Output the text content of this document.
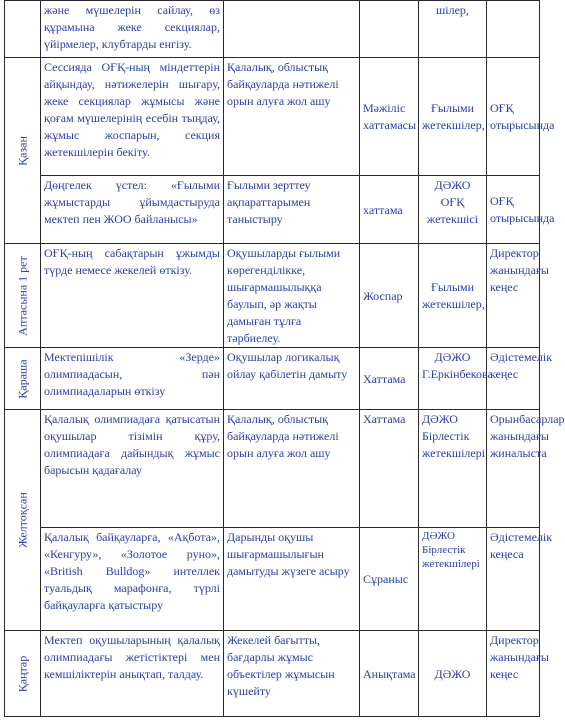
	және мүшелерін сайлау, өз құрамына жеке секциялар, үйірмелер, клубтарды енгізу.			шілер,	

Қазан	Сессияда ОҒҚ-ның міндеттерін айқындау, нәтижелерін шығару, жеке секциялар жұмысы және қоғам мүшелерінің есебін тыңдау, жұмыс жоспарын, секция жетекшілерін бекіту.	Қалалық, облыстық байқауларда нәтижелі орын алуға жол ашу	Мәжіліс хаттамасы	Ғылыми жетекшілер,	ОҒҚ отырысында
	Дөңгелек үстел: «Ғылыми жұмыстарды ұйымдастыруда мектеп пен ЖОО байланысы»	Ғылыми зерттеу ақпараттарымен таныстыру	хаттама	ДӘЖО ОҒҚ жетекшісі	ОҒҚ отырысында

Аптасына 1 рет	ОҒҚ-ның сабақтарын ұжымды түрде немесе жекелей өткізу.	Оқушыларды ғылыми көрегенділікке, шығармашылыққа баулып, әр жақты дамыған тұлға тәрбиелеу.	Жоспар	Ғылыми жетекшілер,	Директор жанындағы кеңес

Қараша	Мектепішілік «Зерде» олимпиадасын, пән олимпиадаларын өткізу	Оқушылар логикалық ойлау қабілетін дамыту	Хаттама	ДӘЖО Г.Еркінбекова	Әдістемелік кеңес

Желтоқсан	Қалалық олимпиадаға қатысатын оқушылар тізімін құру, олимпиадаға дайындық жұмыс барысын қадағалау	Қалалық, облыстық байқауларда нәтижелі орын алуға жол ашу	Хаттама	ДӘЖО Бірлестік жетекшілері	Орынбасарлар жанындағы жиналыста
	Қалалық байқауларға, «Ақбота», «Кенгуру», «Золотое руно», «British Bulldog» интеллек туальдық марафонға, түрлі байқауларға қатыстыру	Дарынды оқушы шығармашылығын дамытуды жүзеге асыру	Сұраныс	ДӘЖО Бірлестік жетекшілері	Әдістемелік кеңеса

Қаңтар	Мектеп оқушыларының қалалық олимпиадағы жетістіктері мен кемшіліктерін анықтап, талдау.	Жекелей бағытты, бағдарлы жұмыс объектілер жұмысын күшейту	Анықтама	ДӘЖО	Директор жанындағы кеңес
